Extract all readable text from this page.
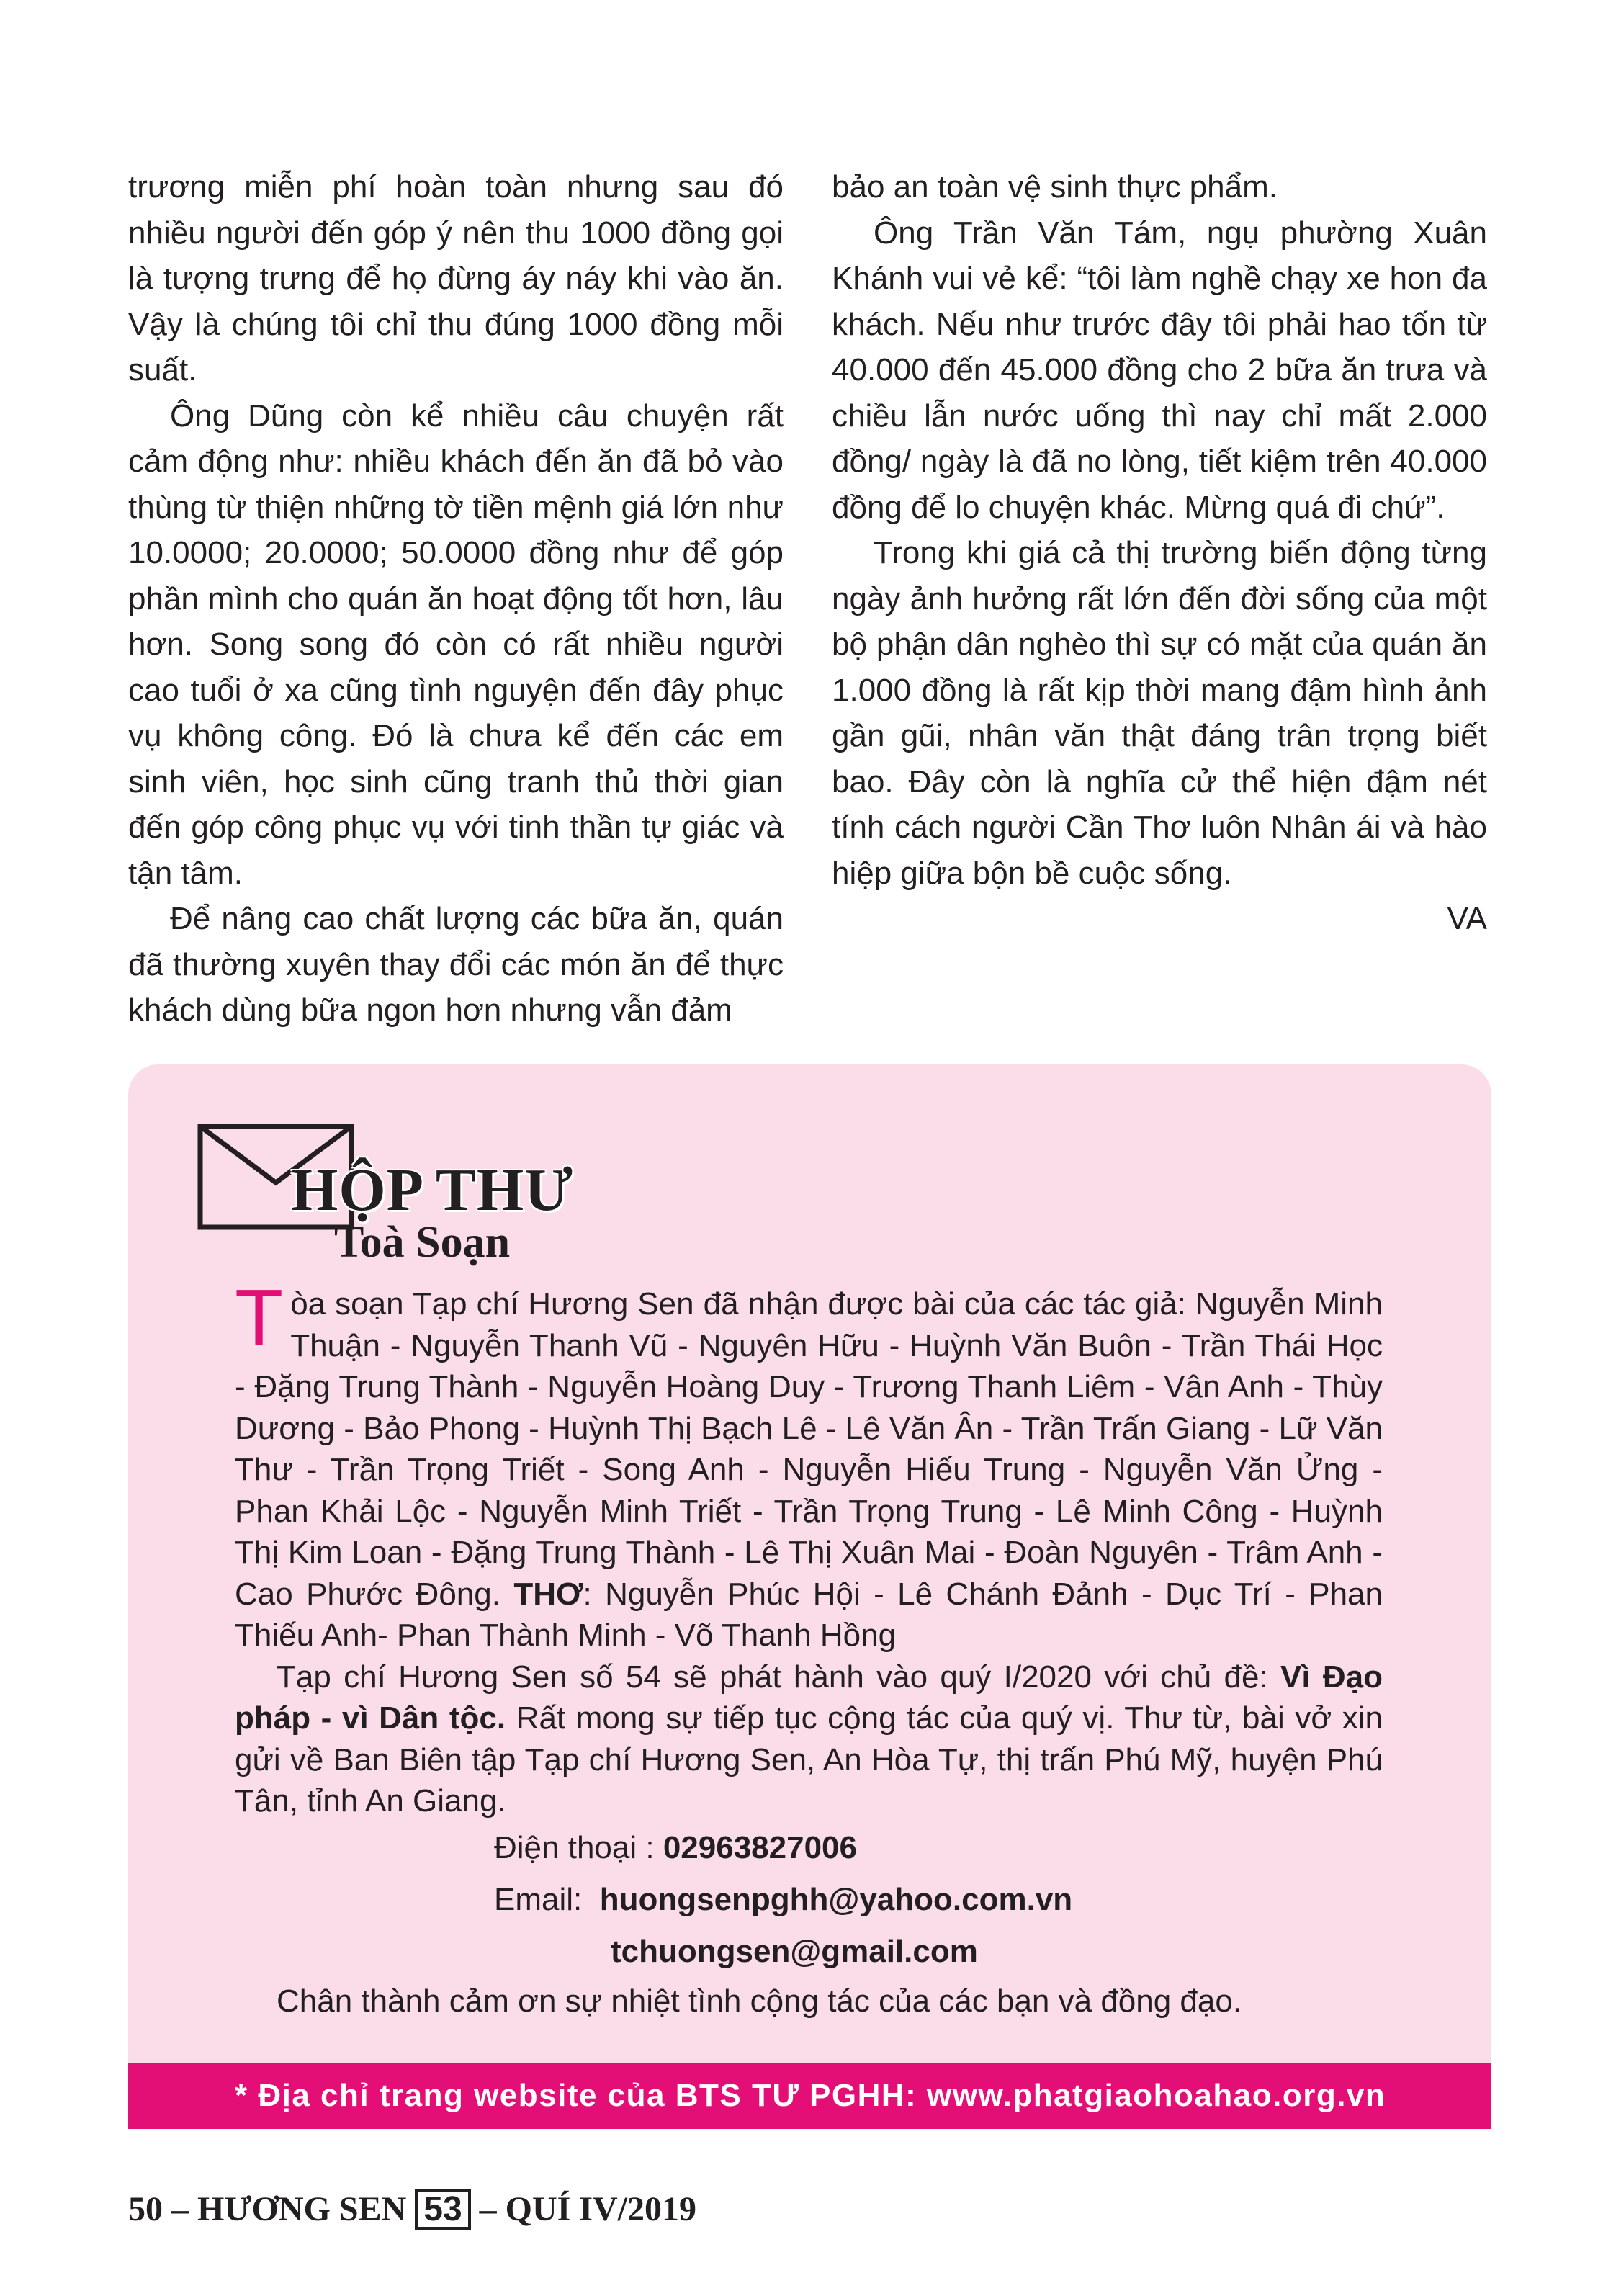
trương miễn phí hoàn toàn nhưng sau đó nhiều người đến góp ý nên thu 1000 đồng gọi là tượng trưng để họ đừng áy náy khi vào ăn. Vậy là chúng tôi chỉ thu đúng 1000 đồng mỗi suất.

Ông Dũng còn kể nhiều câu chuyện rất cảm động như: nhiều khách đến ăn đã bỏ vào thùng từ thiện những tờ tiền mệnh giá lớn như 10.0000; 20.0000; 50.0000 đồng như để góp phần mình cho quán ăn hoạt động tốt hơn, lâu hơn. Song song đó còn có rất nhiều người cao tuổi ở xa cũng tình nguyện đến đây phục vụ không công. Đó là chưa kể đến các em sinh viên, học sinh cũng tranh thủ thời gian đến góp công phục vụ với tinh thần tự giác và tận tâm.

Để nâng cao chất lượng các bữa ăn, quán đã thường xuyên thay đổi các món ăn để thực khách dùng bữa ngon hơn nhưng vẫn đảm

bảo an toàn vệ sinh thực phẩm.

Ông Trần Văn Tám, ngụ phường Xuân Khánh vui vẻ kể: “tôi làm nghề chạy xe hon đa khách. Nếu như trước đây tôi phải hao tốn từ 40.000 đến 45.000 đồng cho 2 bữa ăn trưa và chiều lẫn nước uống thì nay chỉ mất 2.000 đồng/ ngày là đã no lòng, tiết kiệm trên 40.000 đồng để lo chuyện khác. Mừng quá đi chứ”.

Trong khi giá cả thị trường biến động từng ngày ảnh hưởng rất lớn đến đời sống của một bộ phận dân nghèo thì sự có mặt của quán ăn 1.000 đồng là rất kịp thời mang đậm hình ảnh gần gũi, nhân văn thật đáng trân trọng biết bao. Đây còn là nghĩa cử thể hiện đậm nét tính cách người Cần Thơ luôn Nhân ái và hào hiệp giữa bộn bề cuộc sống.

VA
HỘP THƯ
Toà Soạn

Tòa soạn Tạp chí Hương Sen đã nhận được bài của các tác giả: Nguyễn Minh Thuận - Nguyễn Thanh Vũ - Nguyên Hữu - Huỳnh Văn Buôn - Trần Thái Học - Đặng Trung Thành - Nguyễn Hoàng Duy - Trương Thanh Liêm - Vân Anh - Thùy Dương - Bảo Phong - Huỳnh Thị Bạch Lê - Lê Văn Ân - Trần Trấn Giang - Lữ Văn Thư - Trần Trọng Triết - Song Anh - Nguyễn Hiếu Trung - Nguyễn Văn Ửng - Phan Khải Lộc - Nguyễn Minh Triết - Trần Trọng Trung - Lê Minh Công - Huỳnh Thị Kim Loan - Đặng Trung Thành - Lê Thị Xuân Mai - Đoàn Nguyên - Trâm Anh - Cao Phước Đông. THƠ: Nguyễn Phúc Hội - Lê Chánh Đảnh - Dục Trí - Phan Thiếu Anh- Phan Thành Minh - Võ Thanh Hồng

Tạp chí Hương Sen số 54 sẽ phát hành vào quý I/2020 với chủ đề: Vì Đạo pháp - vì Dân tộc. Rất mong sự tiếp tục cộng tác của quý vị. Thư từ, bài vở xin gửi về Ban Biên tập Tạp chí Hương Sen, An Hòa Tự, thị trấn Phú Mỹ, huyện Phú Tân, tỉnh An Giang.

Điện thoại : 02963827006

Email:  huongsenpghh@yahoo.com.vn

tchuongsen@gmail.com

Chân thành cảm ơn sự nhiệt tình cộng tác của các bạn và đồng đạo.

* Địa chỉ trang website của BTS TƯ PGHH: www.phatgiaohoahao.org.vn
50 – HƯƠNG SEN 53 – QUÍ IV/2019
